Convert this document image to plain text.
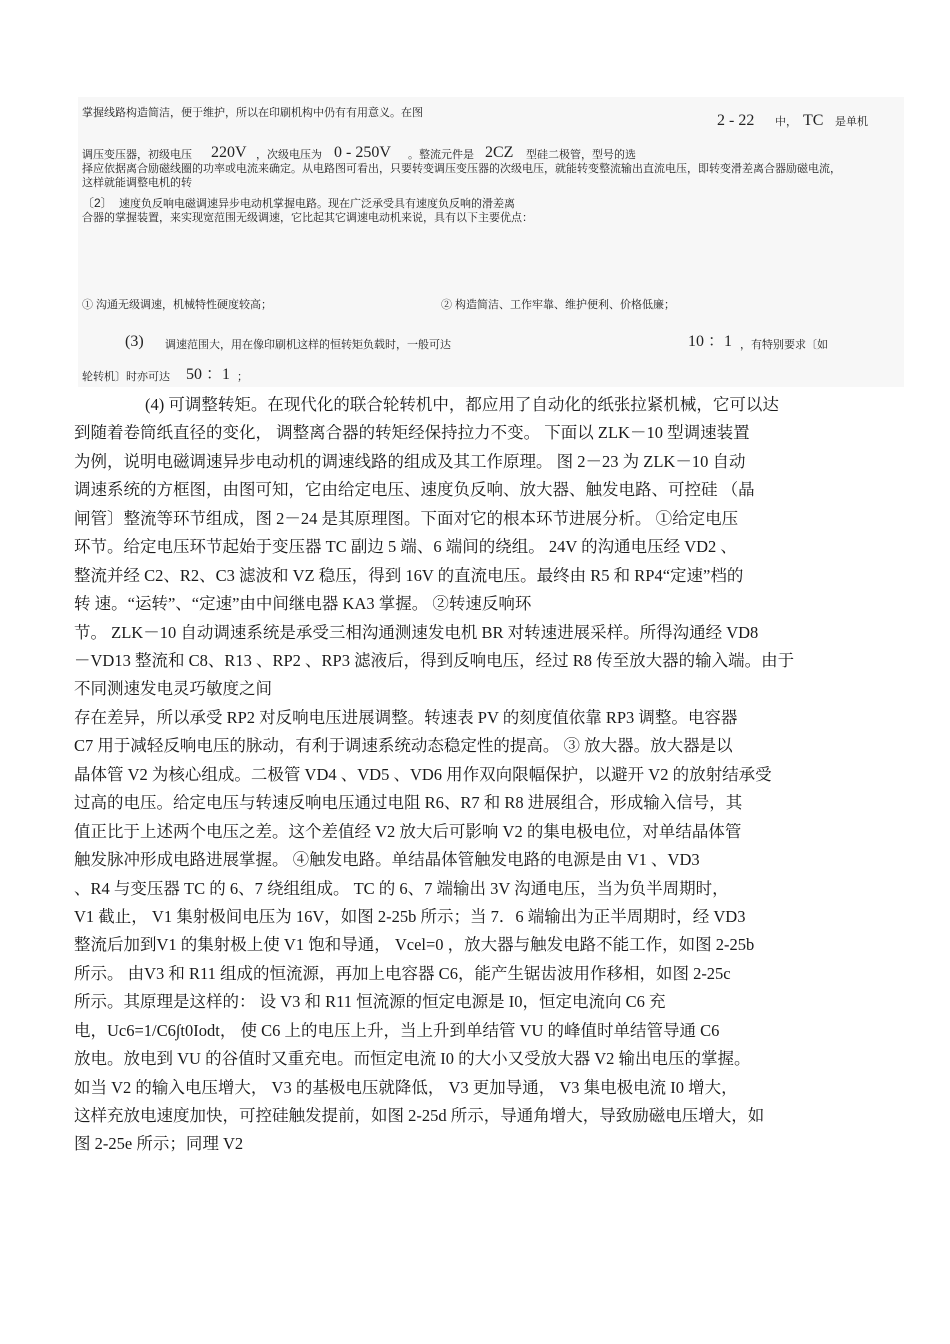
掌握线路构造简洁，便于维护，所以在印刷机构中仍有有用意义。在图	2 - 22 中， TC 是单机
调压变压器，初级电压 220V ，次级电压为 0 - 250V 。整流元件是 2CZ 型硅二极管，型号的选
择应依据离合励磁线圈的功率或电流来确定。从电路图可看出，只要转变调压变压器的次级电压，就能转变整流输出直流电压，即转变滑差离合器励磁电流，
这样就能调整电机的转
〔2〕 速度负反响电磁调速异步电动机掌握电路。现在广泛承受具有速度负反响的滑差离
合器的掌握装置，来实现宽范围无级调速，它比起其它调速电动机来说，具有以下主要优点：
① 沟通无级调速，机械特性硬度较高；	② 构造简洁、工作牢靠、维护便利、价格低廉；
(3) 调速范围大，用在像印刷机这样的恒转矩负载时，一般可达	10 ：1 ，有特别要求〔如
轮转机〕时亦可达 50 ：1 ；
(4) 可调整转矩。在现代化的联合轮转机中，都应用了自动化的纸张拉紧机械，它可以达
到随着卷筒纸直径的变化， 调整离合器的转矩经保持拉力不变。 下面以 ZLK－10 型调速装置
为例，说明电磁调速异步电动机的调速线路的组成及其工作原理。 图 2－23 为 ZLK－10 自动
调速系统的方框图，由图可知，它由给定电压、速度负反响、放大器、触发电路、可控硅 （晶
闸管〕整流等环节组成，图 2－24 是其原理图。下面对它的根本环节进展分析。 ①给定电压
环节。给定电压环节起始于变压器 TC 副边 5 端、6 端间的绕组。 24V 的沟通电压经 VD2 、
整流并经 C2、R2、C3 滤波和 VZ 稳压，得到 16V 的直流电压。最终由 R5 和 RP4“定速”档的
转 速。“运转”、“定速”由中间继电器 KA3 掌握。 ②转速反响环
节。 ZLK－10 自动调速系统是承受三相沟通测速发电机 BR 对转速进展采样。所得沟通经 VD8
－VD13 整流和 C8、R13 、RP2 、RP3 滤液后，得到反响电压，经过 R8 传至放大器的输入端。由于
不同测速发电灵巧敏度之间
存在差异，所以承受 RP2 对反响电压进展调整。转速表 PV 的刻度值依靠 RP3 调整。电容器
C7 用于减轻反响电压的脉动，有利于调速系统动态稳定性的提高。 ③ 放大器。放大器是以
晶体管 V2 为核心组成。二极管 VD4 、VD5 、VD6 用作双向限幅保护，以避开 V2 的放射结承受
过高的电压。给定电压与转速反响电压通过电阻 R6、R7 和 R8 进展组合，形成输入信号，其
值正比于上述两个电压之差。这个差值经 V2 放大后可影响 V2 的集电极电位，对单结晶体管
触发脉冲形成电路进展掌握。 ④触发电路。单结晶体管触发电路的电源是由 V1 、VD3
、R4 与变压器 TC 的 6、7 绕组组成。 TC 的 6、7 端输出 3V 沟通电压，当为负半周期时，
V1 截止， V1 集射极间电压为 16V，如图 2-25b 所示；当 7．6 端输出为正半周期时，经 VD3
整流后加到V1 的集射极上使 V1 饱和导通， Vcel=0 ，放大器与触发电路不能工作，如图 2-25b
所示。 由V3 和 R11 组成的恒流源，再加上电容器 C6，能产生锯齿波用作移相，如图 2-25c
所示。其原理是这样的： 设 V3 和 R11 恒流源的恒定电源是 I0，恒定电流向 C6 充
电，Uc6=1/C6∫t0Iodt， 使 C6 上的电压上升，当上升到单结管 VU 的峰值时单结管导通 C6
放电。放电到 VU 的谷值时又重充电。而恒定电流 I0 的大小又受放大器 V2 输出电压的掌握。
如当 V2 的输入电压增大， V3 的基极电压就降低， V3 更加导通， V3 集电极电流 I0 增大，
这样充放电速度加快，可控硅触发提前，如图 2-25d 所示，导通角增大，导致励磁电压增大，如
图 2-25e 所示；同理 V2
